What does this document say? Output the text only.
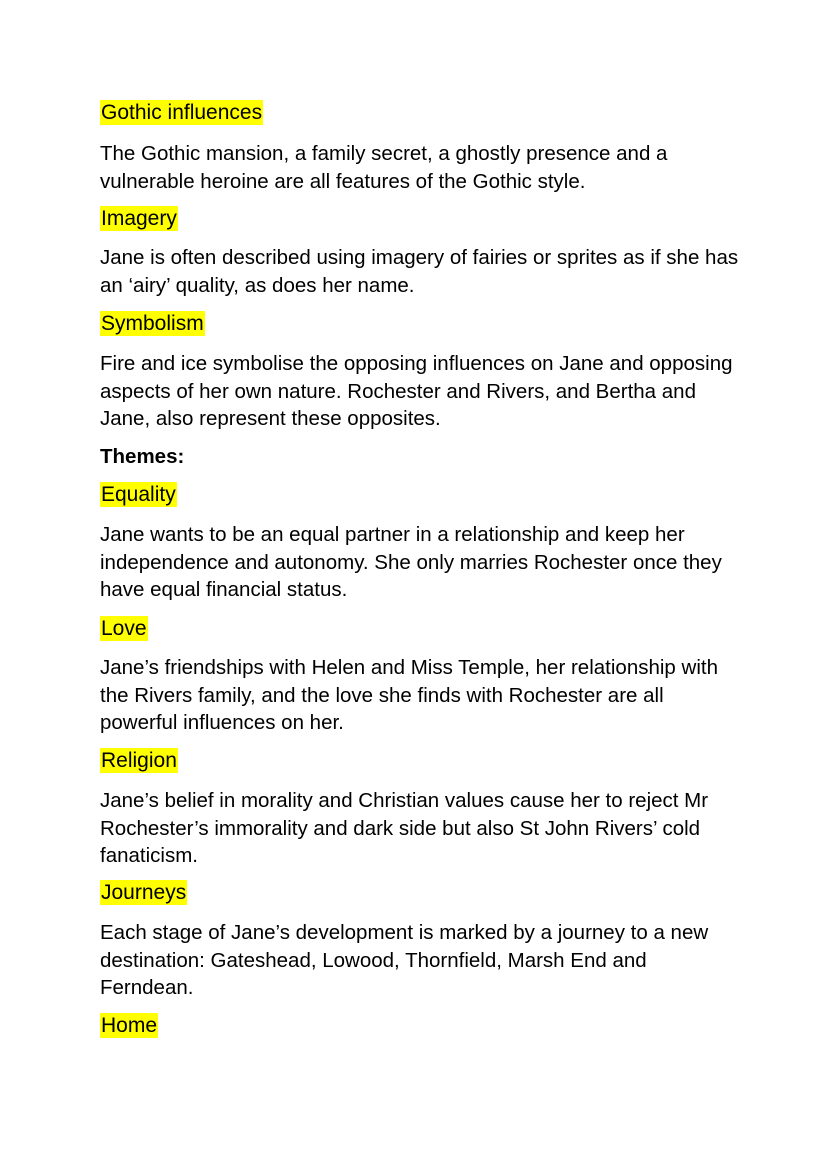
Gothic influences

The Gothic mansion, a family secret, a ghostly presence and a vulnerable heroine are all features of the Gothic style.

Imagery

Jane is often described using imagery of fairies or sprites as if she has an ‘airy’ quality, as does her name.

Symbolism

Fire and ice symbolise the opposing influences on Jane and opposing aspects of her own nature. Rochester and Rivers, and Bertha and Jane, also represent these opposites.

Themes:

Equality

Jane wants to be an equal partner in a relationship and keep her independence and autonomy. She only marries Rochester once they have equal financial status.

Love

Jane’s friendships with Helen and Miss Temple, her relationship with the Rivers family, and the love she finds with Rochester are all powerful influences on her.

Religion

Jane’s belief in morality and Christian values cause her to reject Mr Rochester’s immorality and dark side but also St John Rivers’ cold fanaticism.

Journeys

Each stage of Jane’s development is marked by a journey to a new destination: Gateshead, Lowood, Thornfield, Marsh End and Ferndean.

Home
